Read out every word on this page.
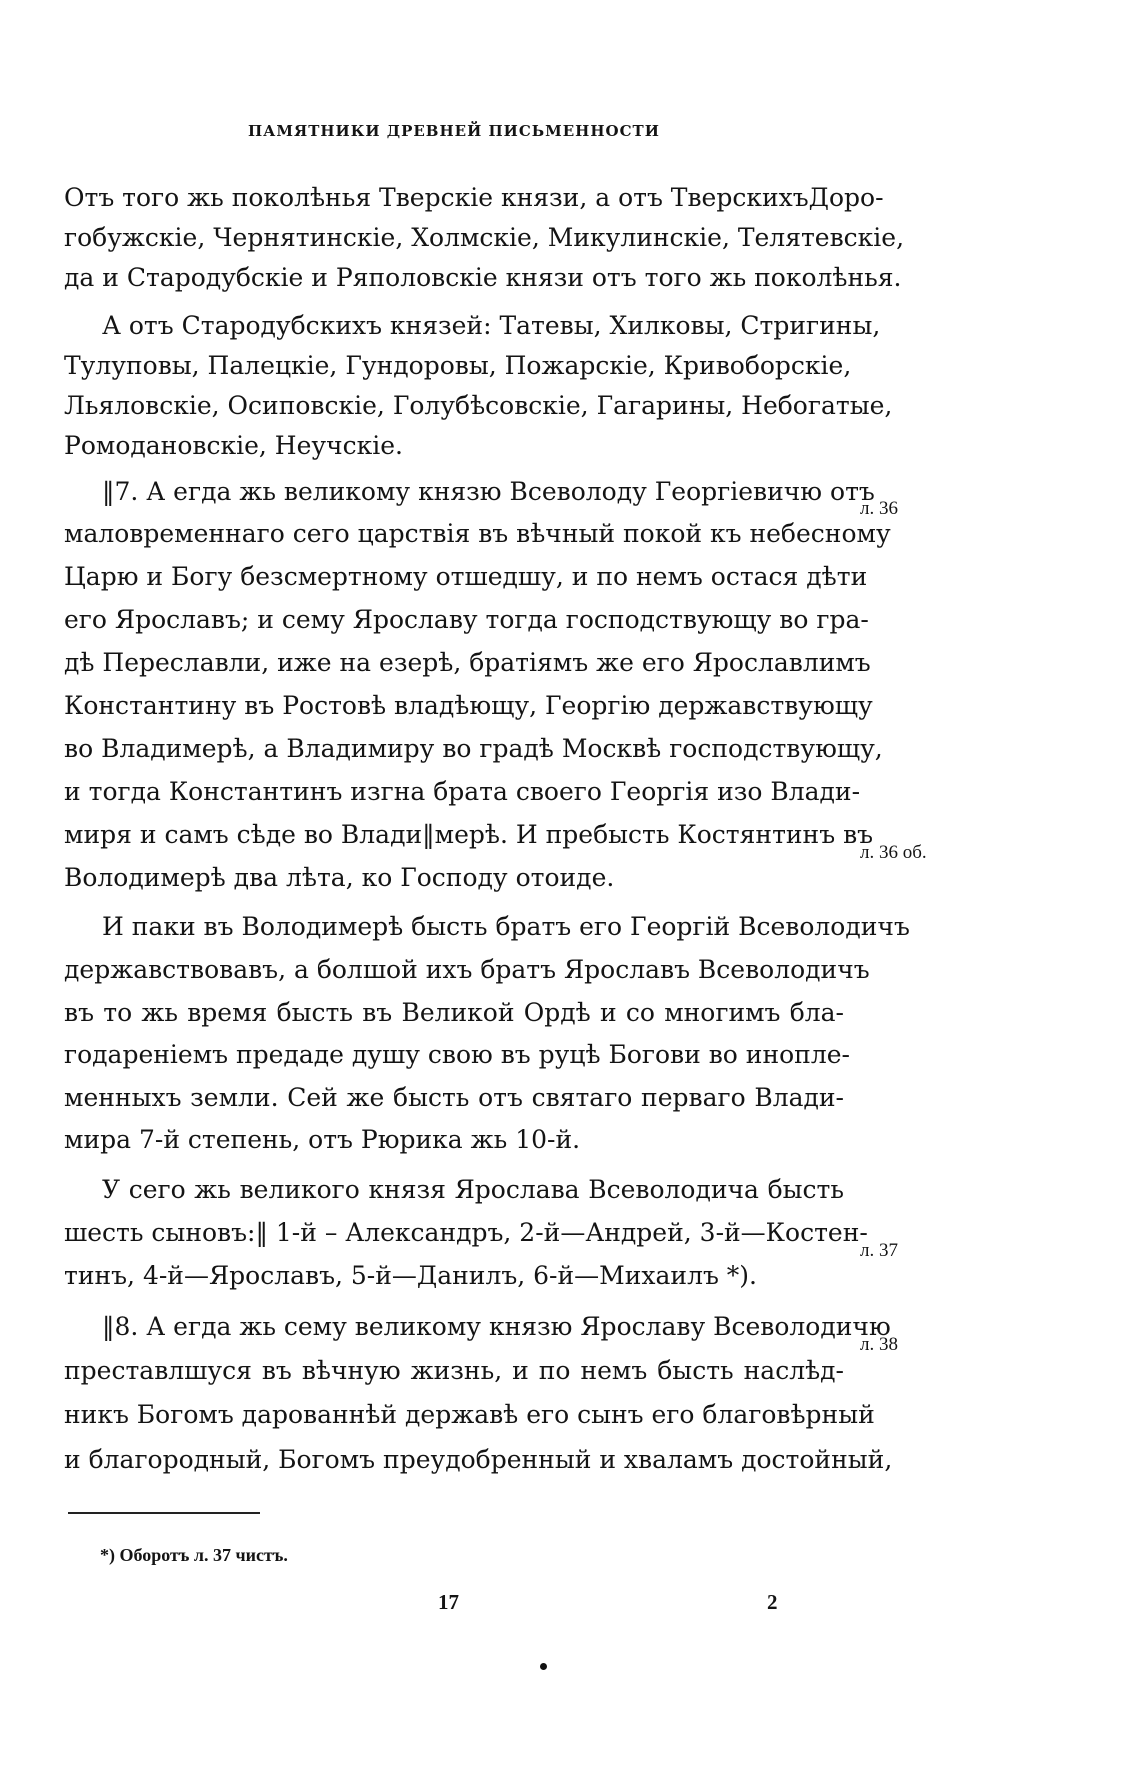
ПАМЯТНИКИ ДРЕВНЕЙ ПИСЬМЕННОСТИ
Отъ того жь поколѣнья Тверскіе князи, а отъ ТверскихъДоро-
гобужскіе, Чернятинскіе, Холмскіе, Микулинскіе, Телятевскіе,
да и Стародубскіе и Ряполовскіе князи отъ того жь поколѣнья.
А отъ Стародубскихъ князей: Татевы, Хилковы, Стригины,
Тулуповы, Палецкіе, Гундоровы, Пожарскіе, Кривоборскіе,
Льяловскіе, Осиповскіе, Голубѣсовскіе, Гагарины, Небогатые,
Ромодановскіе, Неучскіе.
‖7. А егда жь великому князю Всеволоду Георгіевичю отъ
маловременнаго сего царствія въ вѣчный покой къ небесному
Царю и Богу безсмертному отшедшу, и по немъ остася дѣти
его Ярославъ; и сему Ярославу тогда господствующу во гра-
дѣ Переславли, иже на езерѣ, братіямъ же его Ярославлимъ
Константину въ Ростовѣ владѣющу, Георгію державствующу
во Владимерѣ, а Владимиру во градѣ Москвѣ господствующу,
и тогда Константинъ изгна брата своего Георгія изо Влади-
миря и самъ сѣде во Влади‖мерѣ. И пребысть Костянтинъ въ
Володимерѣ два лѣта, ко Господу отоиде.
И паки въ Володимерѣ бысть братъ его Георгій Всеволодичъ
державствовавъ, а болшой ихъ братъ Ярославъ Всеволодичъ
въ то жь время бысть въ Великой Ордѣ и со многимъ бла-
годареніемъ предаде душу свою въ руцѣ Богови во инопле-
менныхъ земли. Сей же бысть отъ святаго перваго Влади-
мира 7-й степень, отъ Рюрика жь 10-й.
У сего жь великого князя Ярослава Всеволодича бысть
шесть сыновъ:‖ 1-й – Александръ, 2-й—Андрей, 3-й—Костен-
тинъ, 4-й—Ярославъ, 5-й—Данилъ, 6-й—Михаилъ *).
‖8. А егда жь сему великому князю Ярославу Всеволодичю
преставлшуся въ вѣчную жизнь, и по немъ бысть наслѣд-
никъ Богомъ дарованнѣй державѣ его сынъ его благовѣрный
и благородный, Богомъ преудобренный и хваламъ достойный,
л. 36
л. 36 об.
л. 37
л. 38
*) Оборотъ л. 37 чистъ.
17	2
